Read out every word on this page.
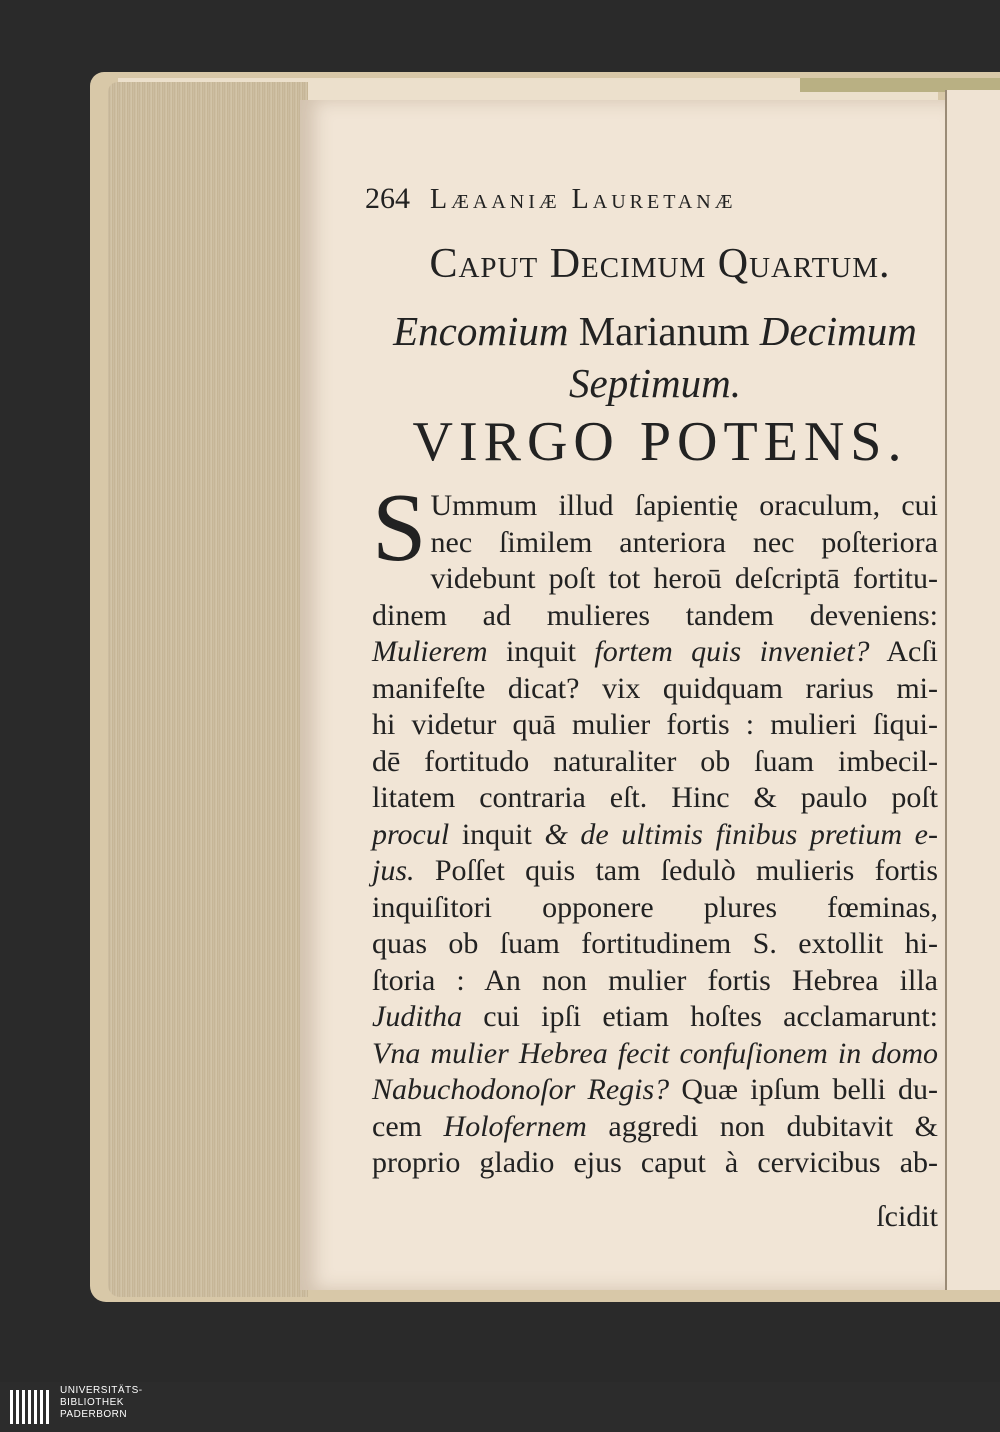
264 Læaaniæ Lauretanæ
Caput Decimum Quartum.
Encomium Marianum Decimum
Septimum.
VIRGO POTENS.
S Ummum illud ſapientię oraculum, cui
nec ſimilem anteriora nec poſteriora
videbunt poſt tot heroū deſcriptā fortitu-
dinem ad mulieres tandem deveniens:
Mulierem inquit fortem quis inveniet? Acſi
manifeſte dicat? vix quidquam rarius mi-
hi videtur quā mulier fortis : mulieri ſiqui-
dē fortitudo naturaliter ob ſuam imbecil-
litatem contraria eſt. Hinc & paulo poſt
procul inquit & de ultimis finibus pretium e-
jus. Poſſet quis tam ſedulò mulieris fortis
inquiſitori opponere plures fœminas,
quas ob ſuam fortitudinem S. extollit hi-
ſtoria : An non mulier fortis Hebrea illa
Juditha cui ipſi etiam hoſtes acclamarunt:
Vna mulier Hebrea fecit confuſionem in domo
Nabuchodonoſor Regis? Quæ ipſum belli du-
cem Holofernem aggredi non dubitavit &
proprio gladio ejus caput à cervicibus ab-
ſcidit
UNIVERSITÄTS-
BIBLIOTHEK
PADERBORN
